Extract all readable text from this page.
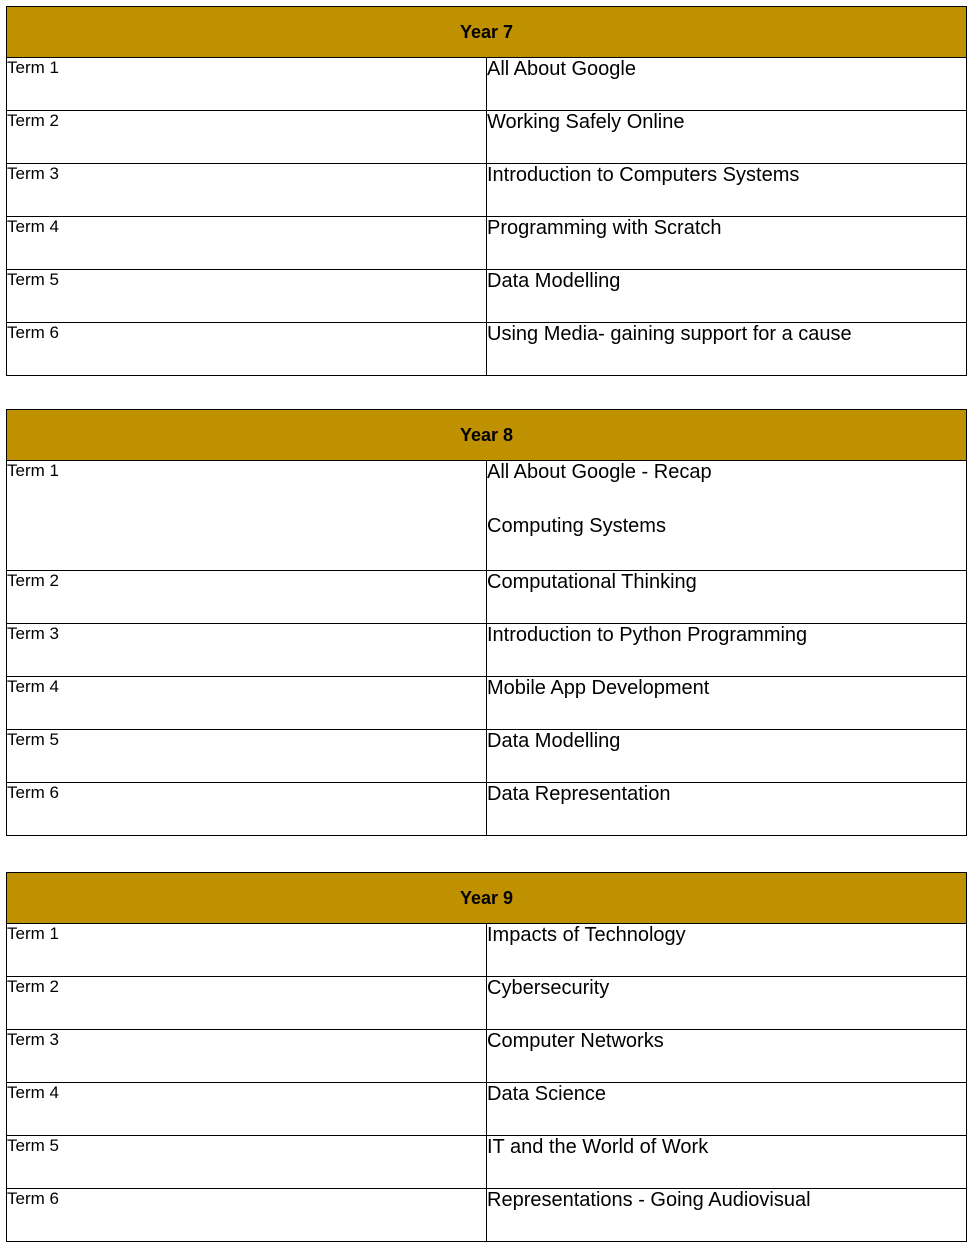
Year 7	
Term 1	All About Google

Term 2	Working Safely Online

Term 3	Introduction to Computers Systems

Term 4	Programming with Scratch

Term 5	Data Modelling

Term 6	Using Media- gaining support for a cause
Year 8	
Term 1	All About Google - Recap
Computing Systems

Term 2	Computational Thinking

Term 3	Introduction to Python Programming

Term 4	Mobile App Development

Term 5	Data Modelling

Term 6	Data Representation
Year 9	
Term 1	Impacts of Technology

Term 2	Cybersecurity

Term 3	Computer Networks

Term 4	Data Science

Term 5	IT and the World of Work

Term 6	Representations - Going Audiovisual
